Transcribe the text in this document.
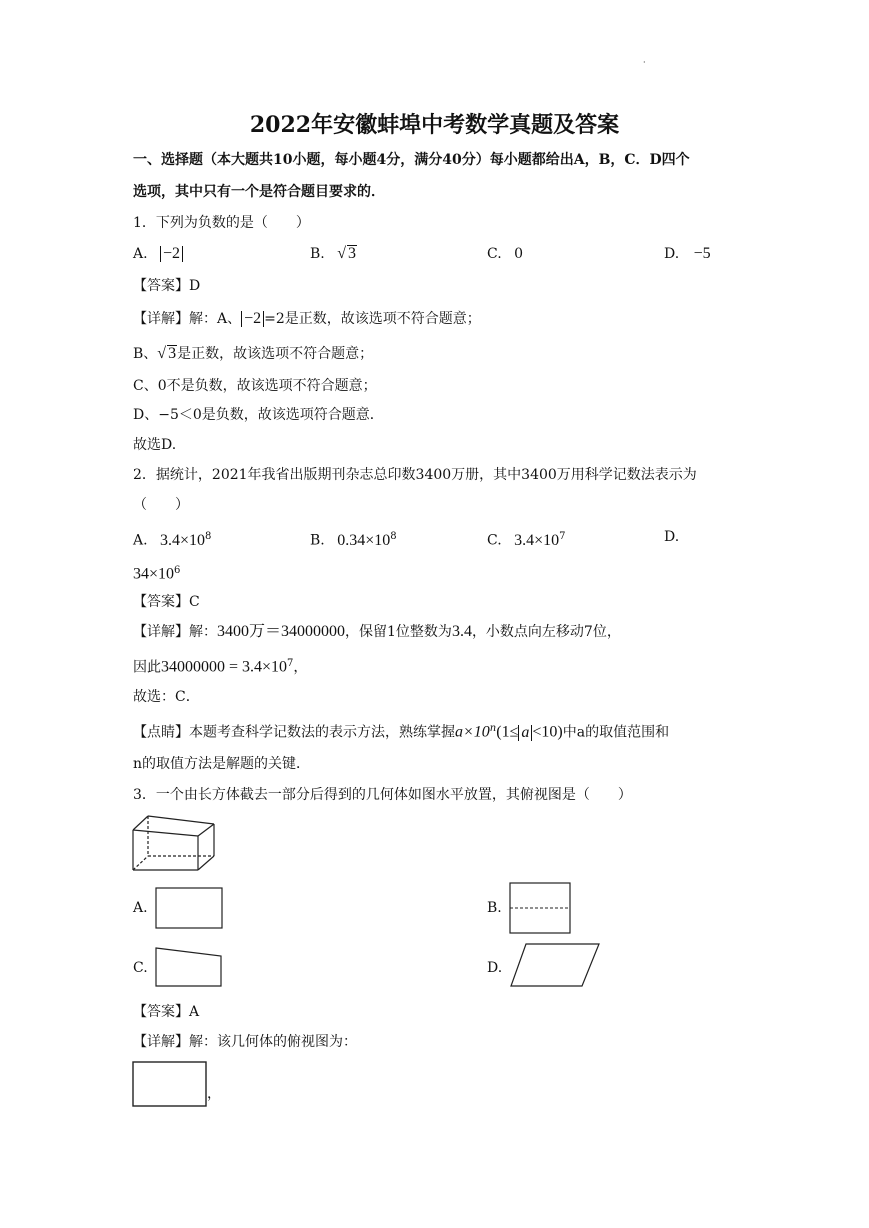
·
2022年安徽蚌埠中考数学真题及答案
一、选择题（本大题共10小题，每小题4分，满分40分）每小题都给出A，B，C．D四个
选项，其中只有一个是符合题目要求的．
1．下列为负数的是（　　）
A. −2	B. √ 3	C. 0	D. −5
【答案】D
【详解】解：A、 −2 =2是正数，故该选项不符合题意；
B、√ 3是正数，故该选项不符合题意；
C、0不是负数，故该选项不符合题意；
D、−5＜0是负数，故该选项符合题意．
故选D.
2．据统计，2021年我省出版期刊杂志总印数3400万册，其中3400万用科学记数法表示为
（　　）
A. $3.4\times 10^8$	B. $0.34\times 10^8$	C. $3.4\times 10^7$	D.
$34\times 10^6$
【答案】C
【详解】解：3400万＝34000000，保留1位整数为3.4，小数点向左移动7位，
因此$34000000 = 3.4\times 10^7$，
故选：C．
【点睛】本题考查科学记数法的表示方法，熟练掌握$a\times 10^n(1\le a <10)$中a的取值范围和
n的取值方法是解题的关键．
3．一个由长方体截去一部分后得到的几何体如图水平放置，其俯视图是（　　）
A.	B.
C.	D.
【答案】A
【详解】解：该几何体的俯视图为：
，
